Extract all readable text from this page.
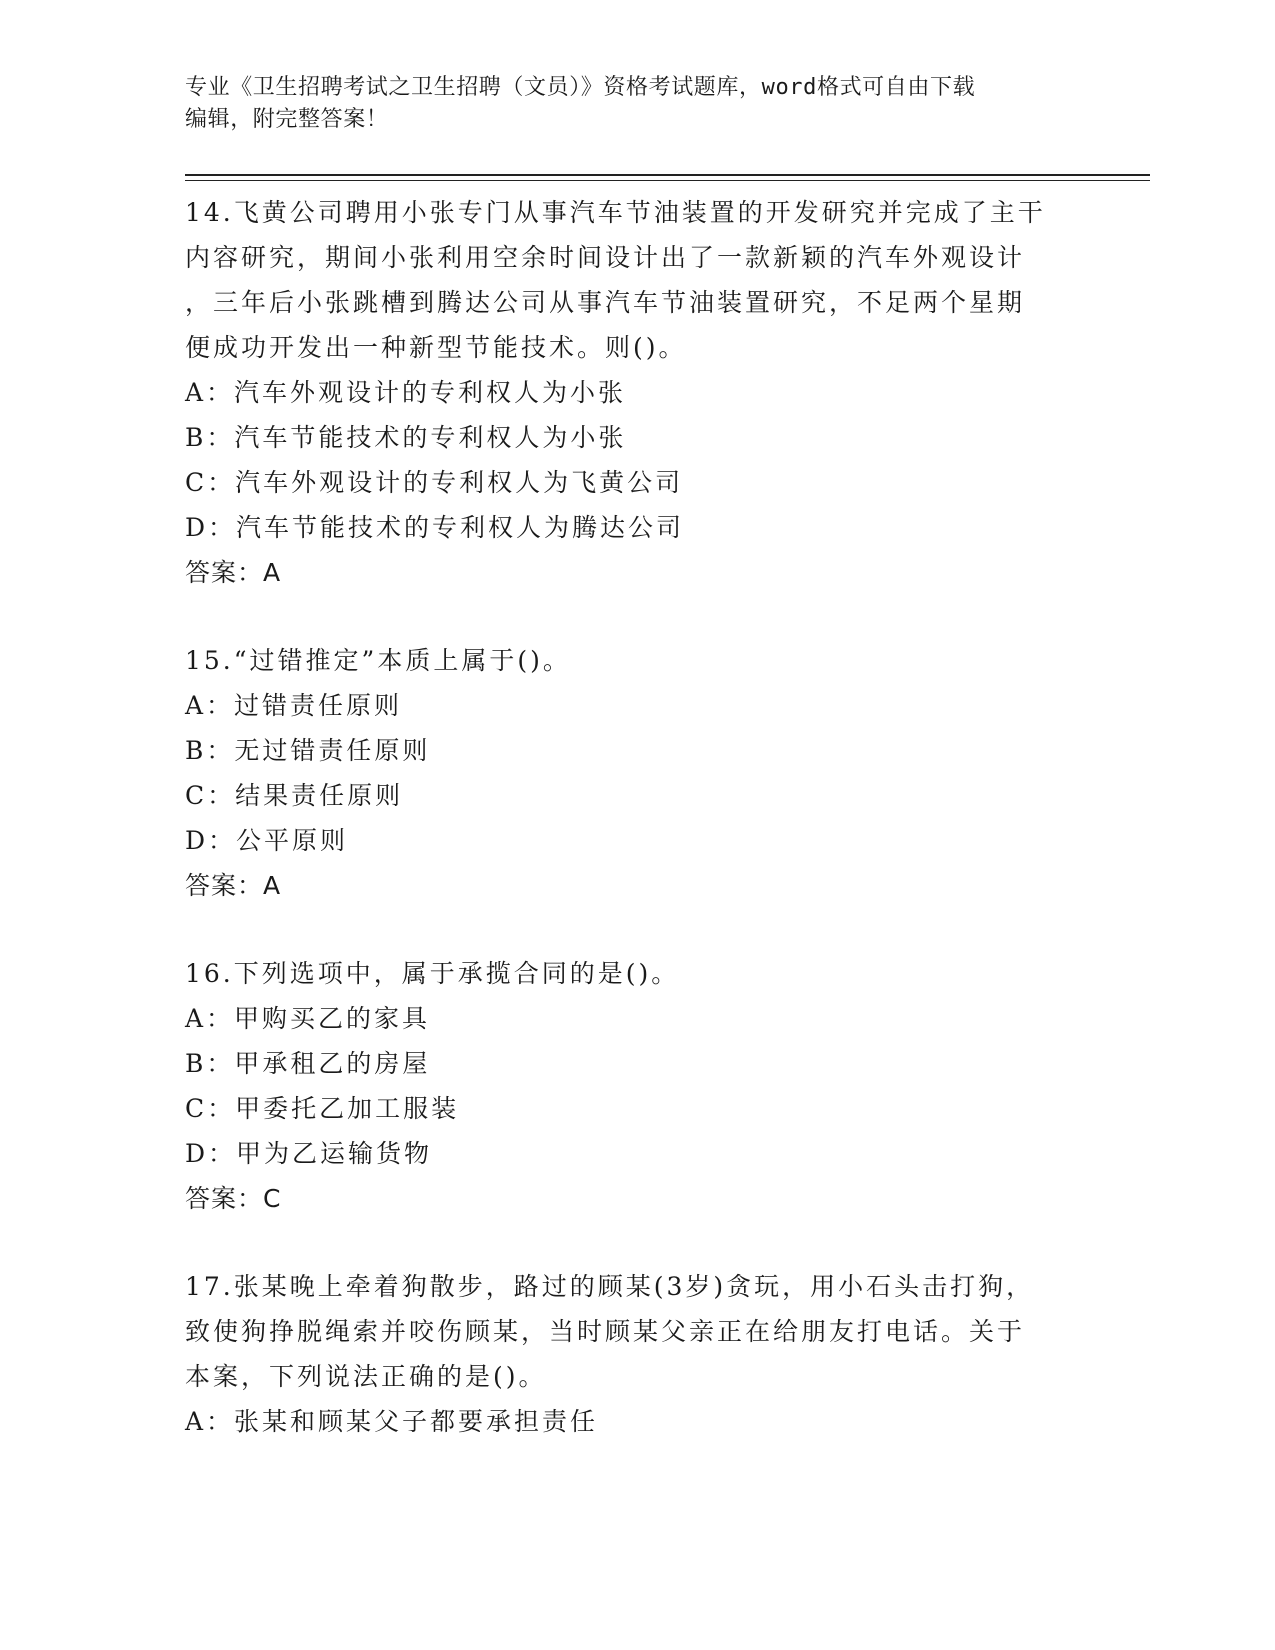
专业《卫生招聘考试之卫生招聘（文员）》资格考试题库，word格式可自由下载
编辑，附完整答案！
14.飞黄公司聘用小张专门从事汽车节油装置的开发研究并完成了主干
内容研究，期间小张利用空余时间设计出了一款新颖的汽车外观设计
，三年后小张跳槽到腾达公司从事汽车节油装置研究，不足两个星期
便成功开发出一种新型节能技术。则()。
A：汽车外观设计的专利权人为小张
B：汽车节能技术的专利权人为小张
C：汽车外观设计的专利权人为飞黄公司
D：汽车节能技术的专利权人为腾达公司
答案：A
15.“过错推定”本质上属于()。
A：过错责任原则
B：无过错责任原则
C：结果责任原则
D：公平原则
答案：A
16.下列选项中，属于承揽合同的是()。
A：甲购买乙的家具
B：甲承租乙的房屋
C：甲委托乙加工服装
D：甲为乙运输货物
答案：C
17.张某晚上牵着狗散步，路过的顾某(3岁)贪玩，用小石头击打狗，
致使狗挣脱绳索并咬伤顾某，当时顾某父亲正在给朋友打电话。关于
本案，下列说法正确的是()。
A：张某和顾某父子都要承担责任
